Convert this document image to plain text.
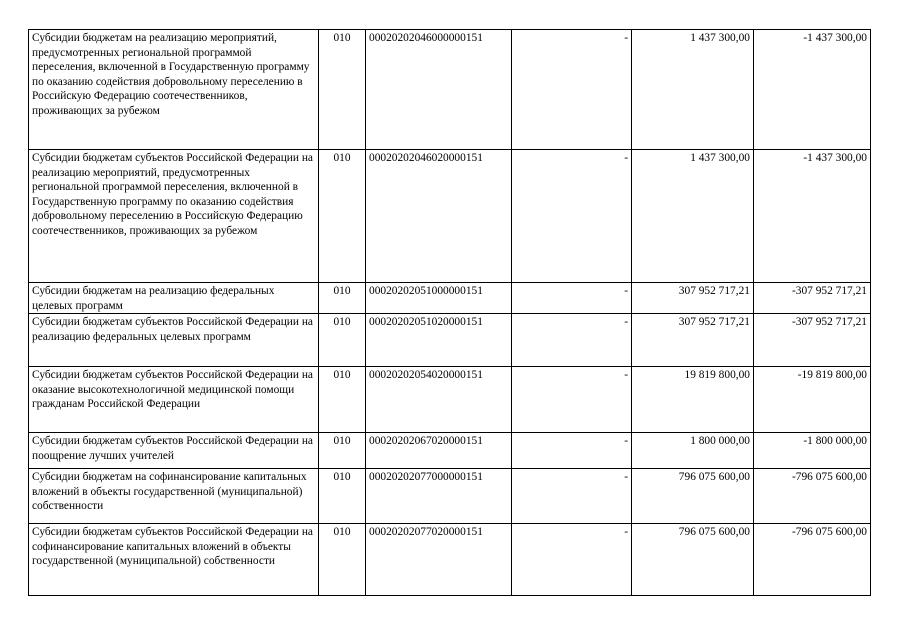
Субсидии бюджетам на реализацию мероприятий, предусмотренных региональной программой переселения, включенной в Государственную программу по оказанию содействия добровольному переселению в Российскую Федерацию соотечественников, проживающих за рубежом	010	00020202046000000151	-	1 437 300,00	-1 437 300,00
Субсидии бюджетам субъектов Российской Федерации на реализацию мероприятий, предусмотренных региональной программой переселения, включенной в Государственную программу по оказанию содействия добровольному переселению в Российскую Федерацию соотечественников, проживающих за рубежом	010	00020202046020000151	-	1 437 300,00	-1 437 300,00
Субсидии бюджетам на реализацию федеральных целевых программ	010	00020202051000000151	-	307 952 717,21	-307 952 717,21
Субсидии бюджетам субъектов Российской Федерации на реализацию федеральных целевых программ	010	00020202051020000151	-	307 952 717,21	-307 952 717,21
Субсидии бюджетам субъектов Российской Федерации на оказание высокотехнологичной медицинской помощи гражданам Российской Федерации	010	00020202054020000151	-	19 819 800,00	-19 819 800,00
Субсидии бюджетам субъектов Российской Федерации на поощрение лучших учителей	010	00020202067020000151	-	1 800 000,00	-1 800 000,00
Субсидии бюджетам на софинансирование капитальных вложений в объекты государственной (муниципальной) собственности	010	00020202077000000151	-	796 075 600,00	-796 075 600,00
Субсидии бюджетам субъектов Российской Федерации на софинансирование капитальных вложений в объекты государственной (муниципальной) собственности	010	00020202077020000151	-	796 075 600,00	-796 075 600,00
